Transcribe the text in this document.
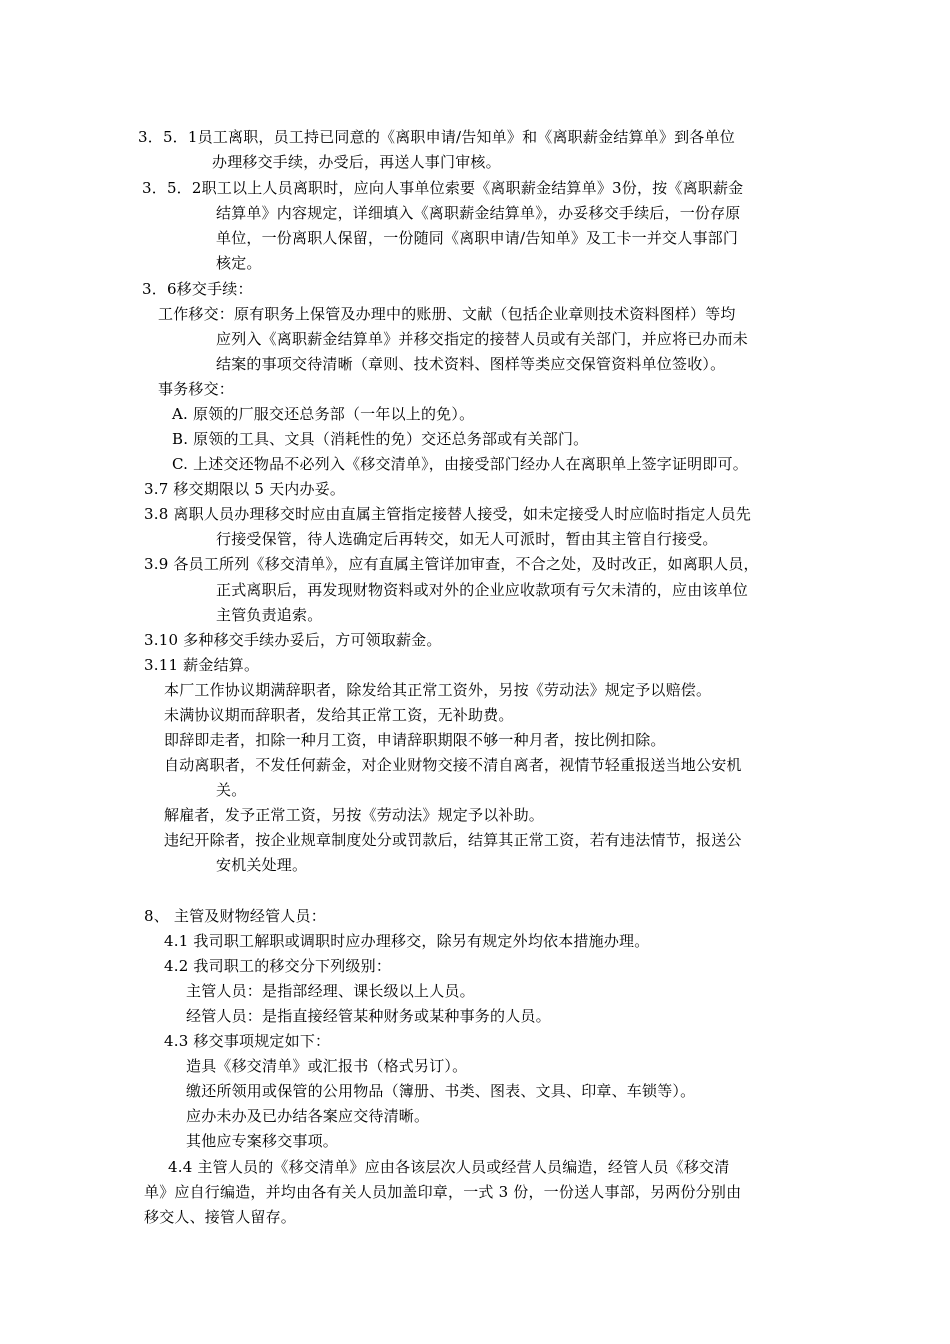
3．5．1员工离职，员工持已同意的《离职申请/告知单》和《离职薪金结算单》到各单位
办理移交手续，办受后，再送人事门审核。
3．5．2职工以上人员离职时，应向人事单位索要《离职薪金结算单》3份，按《离职薪金
结算单》内容规定，详细填入《离职薪金结算单》，办妥移交手续后，一份存原
单位，一份离职人保留，一份随同《离职申请/告知单》及工卡一并交人事部门
核定。
3．6移交手续：
工作移交：原有职务上保管及办理中的账册、文献（包括企业章则技术资料图样）等均
应列入《离职薪金结算单》并移交指定的接替人员或有关部门，并应将已办而未
结案的事项交待清晰（章则、技术资料、图样等类应交保管资料单位签收）。
事务移交：
A. 原领的厂服交还总务部（一年以上的免）。
B. 原领的工具、文具（消耗性的免）交还总务部或有关部门。
C. 上述交还物品不必列入《移交清单》，由接受部门经办人在离职单上签字证明即可。
3.7 移交期限以 5 天内办妥。
3.8 离职人员办理移交时应由直属主管指定接替人接受，如未定接受人时应临时指定人员先
行接受保管，待人选确定后再转交，如无人可派时，暂由其主管自行接受。
3.9 各员工所列《移交清单》，应有直属主管详加审查，不合之处，及时改正，如离职人员，
正式离职后，再发现财物资料或对外的企业应收款项有亏欠未清的，应由该单位
主管负责追索。
3.10 多种移交手续办妥后，方可领取薪金。
3.11 薪金结算。
本厂工作协议期满辞职者，除发给其正常工资外，另按《劳动法》规定予以赔偿。
未满协议期而辞职者，发给其正常工资，无补助费。
即辞即走者，扣除一种月工资，申请辞职期限不够一种月者，按比例扣除。
自动离职者，不发任何薪金，对企业财物交接不清自离者，视情节轻重报送当地公安机
关。
解雇者，发予正常工资，另按《劳动法》规定予以补助。
违纪开除者，按企业规章制度处分或罚款后，结算其正常工资，若有违法情节，报送公
安机关处理。
8、 主管及财物经管人员：
4.1 我司职工解职或调职时应办理移交，除另有规定外均依本措施办理。
4.2 我司职工的移交分下列级别：
主管人员：是指部经理、课长级以上人员。
经管人员：是指直接经管某种财务或某种事务的人员。
4.3 移交事项规定如下：
造具《移交清单》或汇报书（格式另订）。
缴还所领用或保管的公用物品（簿册、书类、图表、文具、印章、车锁等）。
应办未办及已办结各案应交待清晰。
其他应专案移交事项。
4.4 主管人员的《移交清单》应由各该层次人员或经营人员编造，经管人员《移交清
单》应自行编造，并均由各有关人员加盖印章，一式 3 份，一份送人事部，另两份分别由
移交人、接管人留存。
